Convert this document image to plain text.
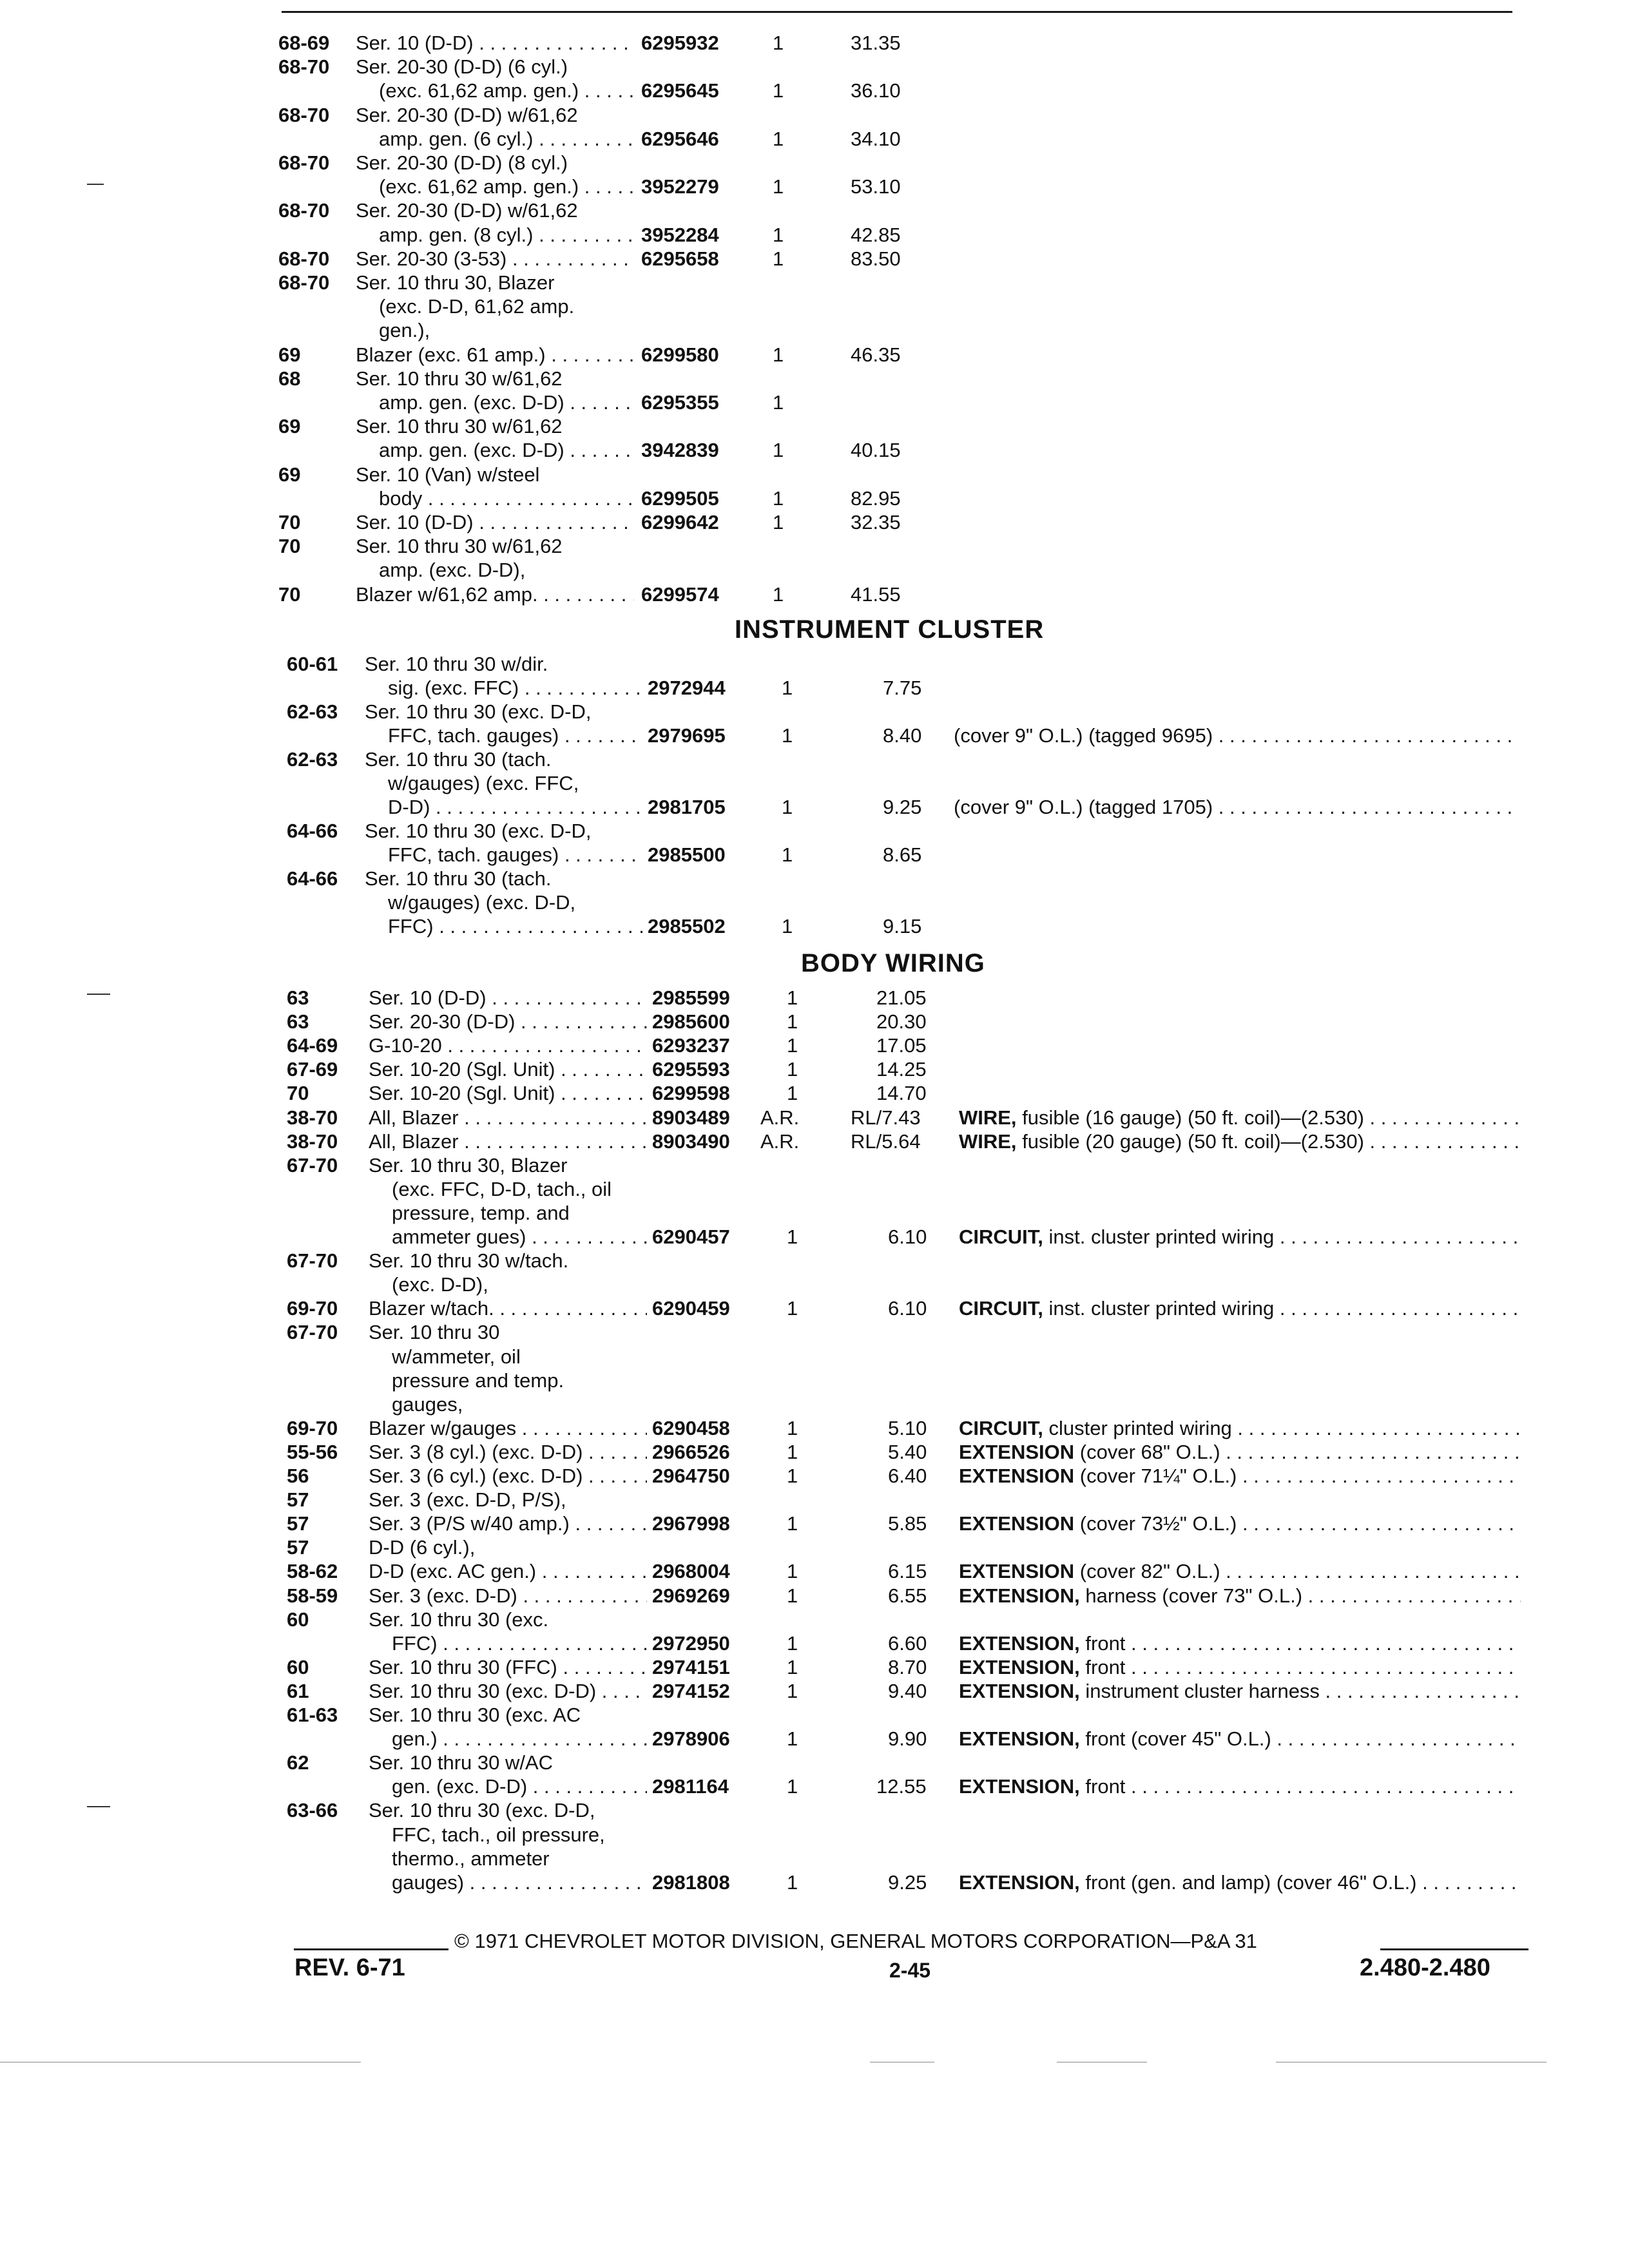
68-69 Ser. 10 (D-D) . . .	6295932	1	31.35
68-70 Ser. 20-30 (D-D) (6 cyl.)
(exc. 61,62 amp. gen.) . . .	6295645	1	36.10
68-70 Ser. 20-30 (D-D) w/61,62
amp. gen. (6 cyl.) . . .	6295646	1	34.10
68-70 Ser. 20-30 (D-D) (8 cyl.)
(exc. 61,62 amp. gen.) . . .	3952279	1	53.10
68-70 Ser. 20-30 (D-D) w/61,62
amp. gen. (8 cyl.) . . .	3952284	1	42.85
68-70 Ser. 20-30 (3-53) . . .	6295658	1	83.50
68-70 Ser. 10 thru 30, Blazer
(exc. D-D, 61,62 amp.
gen.),
69	Blazer (exc. 61 amp.) . . .	6299580	1	46.35
68	Ser. 10 thru 30 w/61,62
amp. gen. (exc. D-D) . . .	6295355	1
69	Ser. 10 thru 30 w/61,62
amp. gen. (exc. D-D) . . .	3942839	1	40.15
69	Ser. 10 (Van) w/steel
body . . .	6299505	1	82.95
70	Ser. 10 (D-D) . . .	6299642	1	32.35
70	Ser. 10 thru 30 w/61,62
amp. (exc. D-D),
70	Blazer w/61,62 amp. . . .	6299574	1	41.55
INSTRUMENT CLUSTER
60-61 Ser. 10 thru 30 w/dir.
sig. (exc. FFC) . . .	2972944	1	7.75
62-63 Ser. 10 thru 30 (exc. D-D,
FFC, tach. gauges) . . .	2979695	1	8.40 (cover 9" O.L.) (tagged 9695) . . .
62-63 Ser. 10 thru 30 (tach.
w/gauges) (exc. FFC,
D-D) . . .	2981705	1	9.25 (cover 9" O.L.) (tagged 1705) . . .
64-66 Ser. 10 thru 30 (exc. D-D,
FFC, tach. gauges) . . .	2985500	1	8.65
64-66 Ser. 10 thru 30 (tach.
w/gauges) (exc. D-D,
FFC) . . .	2985502	1	9.15
BODY WIRING
63	Ser. 10 (D-D) . . .	2985599	1	21.05
63	Ser. 20-30 (D-D) . . .	2985600	1	20.30
64-69 G-10-20 . . .	6293237	1	17.05
67-69 Ser. 10-20 (Sgl. Unit) . . .	6295593	1	14.25
70	Ser. 10-20 (Sgl. Unit) . . .	6299598	1	14.70
38-70 All, Blazer . . .	8903489 A.R.	RL/7.43 WIRE, fusible (16 gauge) (50 ft. coil)—(2.530) . . .
38-70 All, Blazer . . .	8903490 A.R.	RL/5.64 WIRE, fusible (20 gauge) (50 ft. coil)—(2.530) . . .
67-70 Ser. 10 thru 30, Blazer
(exc. FFC, D-D, tach., oil
pressure, temp. and
ammeter gues) . . .	6290457	1	6.10 CIRCUIT, inst. cluster printed wiring . . .
67-70 Ser. 10 thru 30 w/tach.
(exc. D-D),
69-70 Blazer w/tach. . . .	6290459	1	6.10 CIRCUIT, inst. cluster printed wiring . . .
67-70 Ser. 10 thru 30
w/ammeter, oil
pressure and temp.
gauges,
69-70 Blazer w/gauges . . .	6290458	1	5.10 CIRCUIT, cluster printed wiring . . .
55-56 Ser. 3 (8 cyl.) (exc. D-D) . . .	2966526	1	5.40 EXTENSION (cover 68" O.L.) . . .
56	Ser. 3 (6 cyl.) (exc. D-D) . . .	2964750	1	6.40 EXTENSION (cover 71¼" O.L.) . . .
57	Ser. 3 (exc. D-D, P/S),
57	Ser. 3 (P/S w/40 amp.) . . .	2967998	1	5.85 EXTENSION (cover 73½" O.L.) . . .
57	D-D (6 cyl.),
58-62 D-D (exc. AC gen.) . . .	2968004	1	6.15 EXTENSION (cover 82" O.L.) . . .
58-59 Ser. 3 (exc. D-D) . . .	2969269	1	6.55 EXTENSION, harness (cover 73" O.L.) . . .
60	Ser. 10 thru 30 (exc.
FFC) . . .	2972950	1	6.60 EXTENSION, front . . .
60	Ser. 10 thru 30 (FFC) . . .	2974151	1	8.70 EXTENSION, front . . .
61	Ser. 10 thru 30 (exc. D-D) . . .	2974152	1	9.40 EXTENSION, instrument cluster harness . . .
61-63 Ser. 10 thru 30 (exc. AC
gen.) . . .	2978906	1	9.90 EXTENSION, front (cover 45" O.L.) . . .
62	Ser. 10 thru 30 w/AC
gen. (exc. D-D) . . .	2981164	1	12.55 EXTENSION, front . . .
63-66 Ser. 10 thru 30 (exc. D-D,
FFC, tach., oil pressure,
thermo., ammeter
gauges) . . .	2981808	1	9.25 EXTENSION, front (gen. and lamp) (cover 46" O.L.) . . .
© 1971 CHEVROLET MOTOR DIVISION, GENERAL MOTORS CORPORATION—P&A 31
REV. 6-71	2-45	2.480-2.480
